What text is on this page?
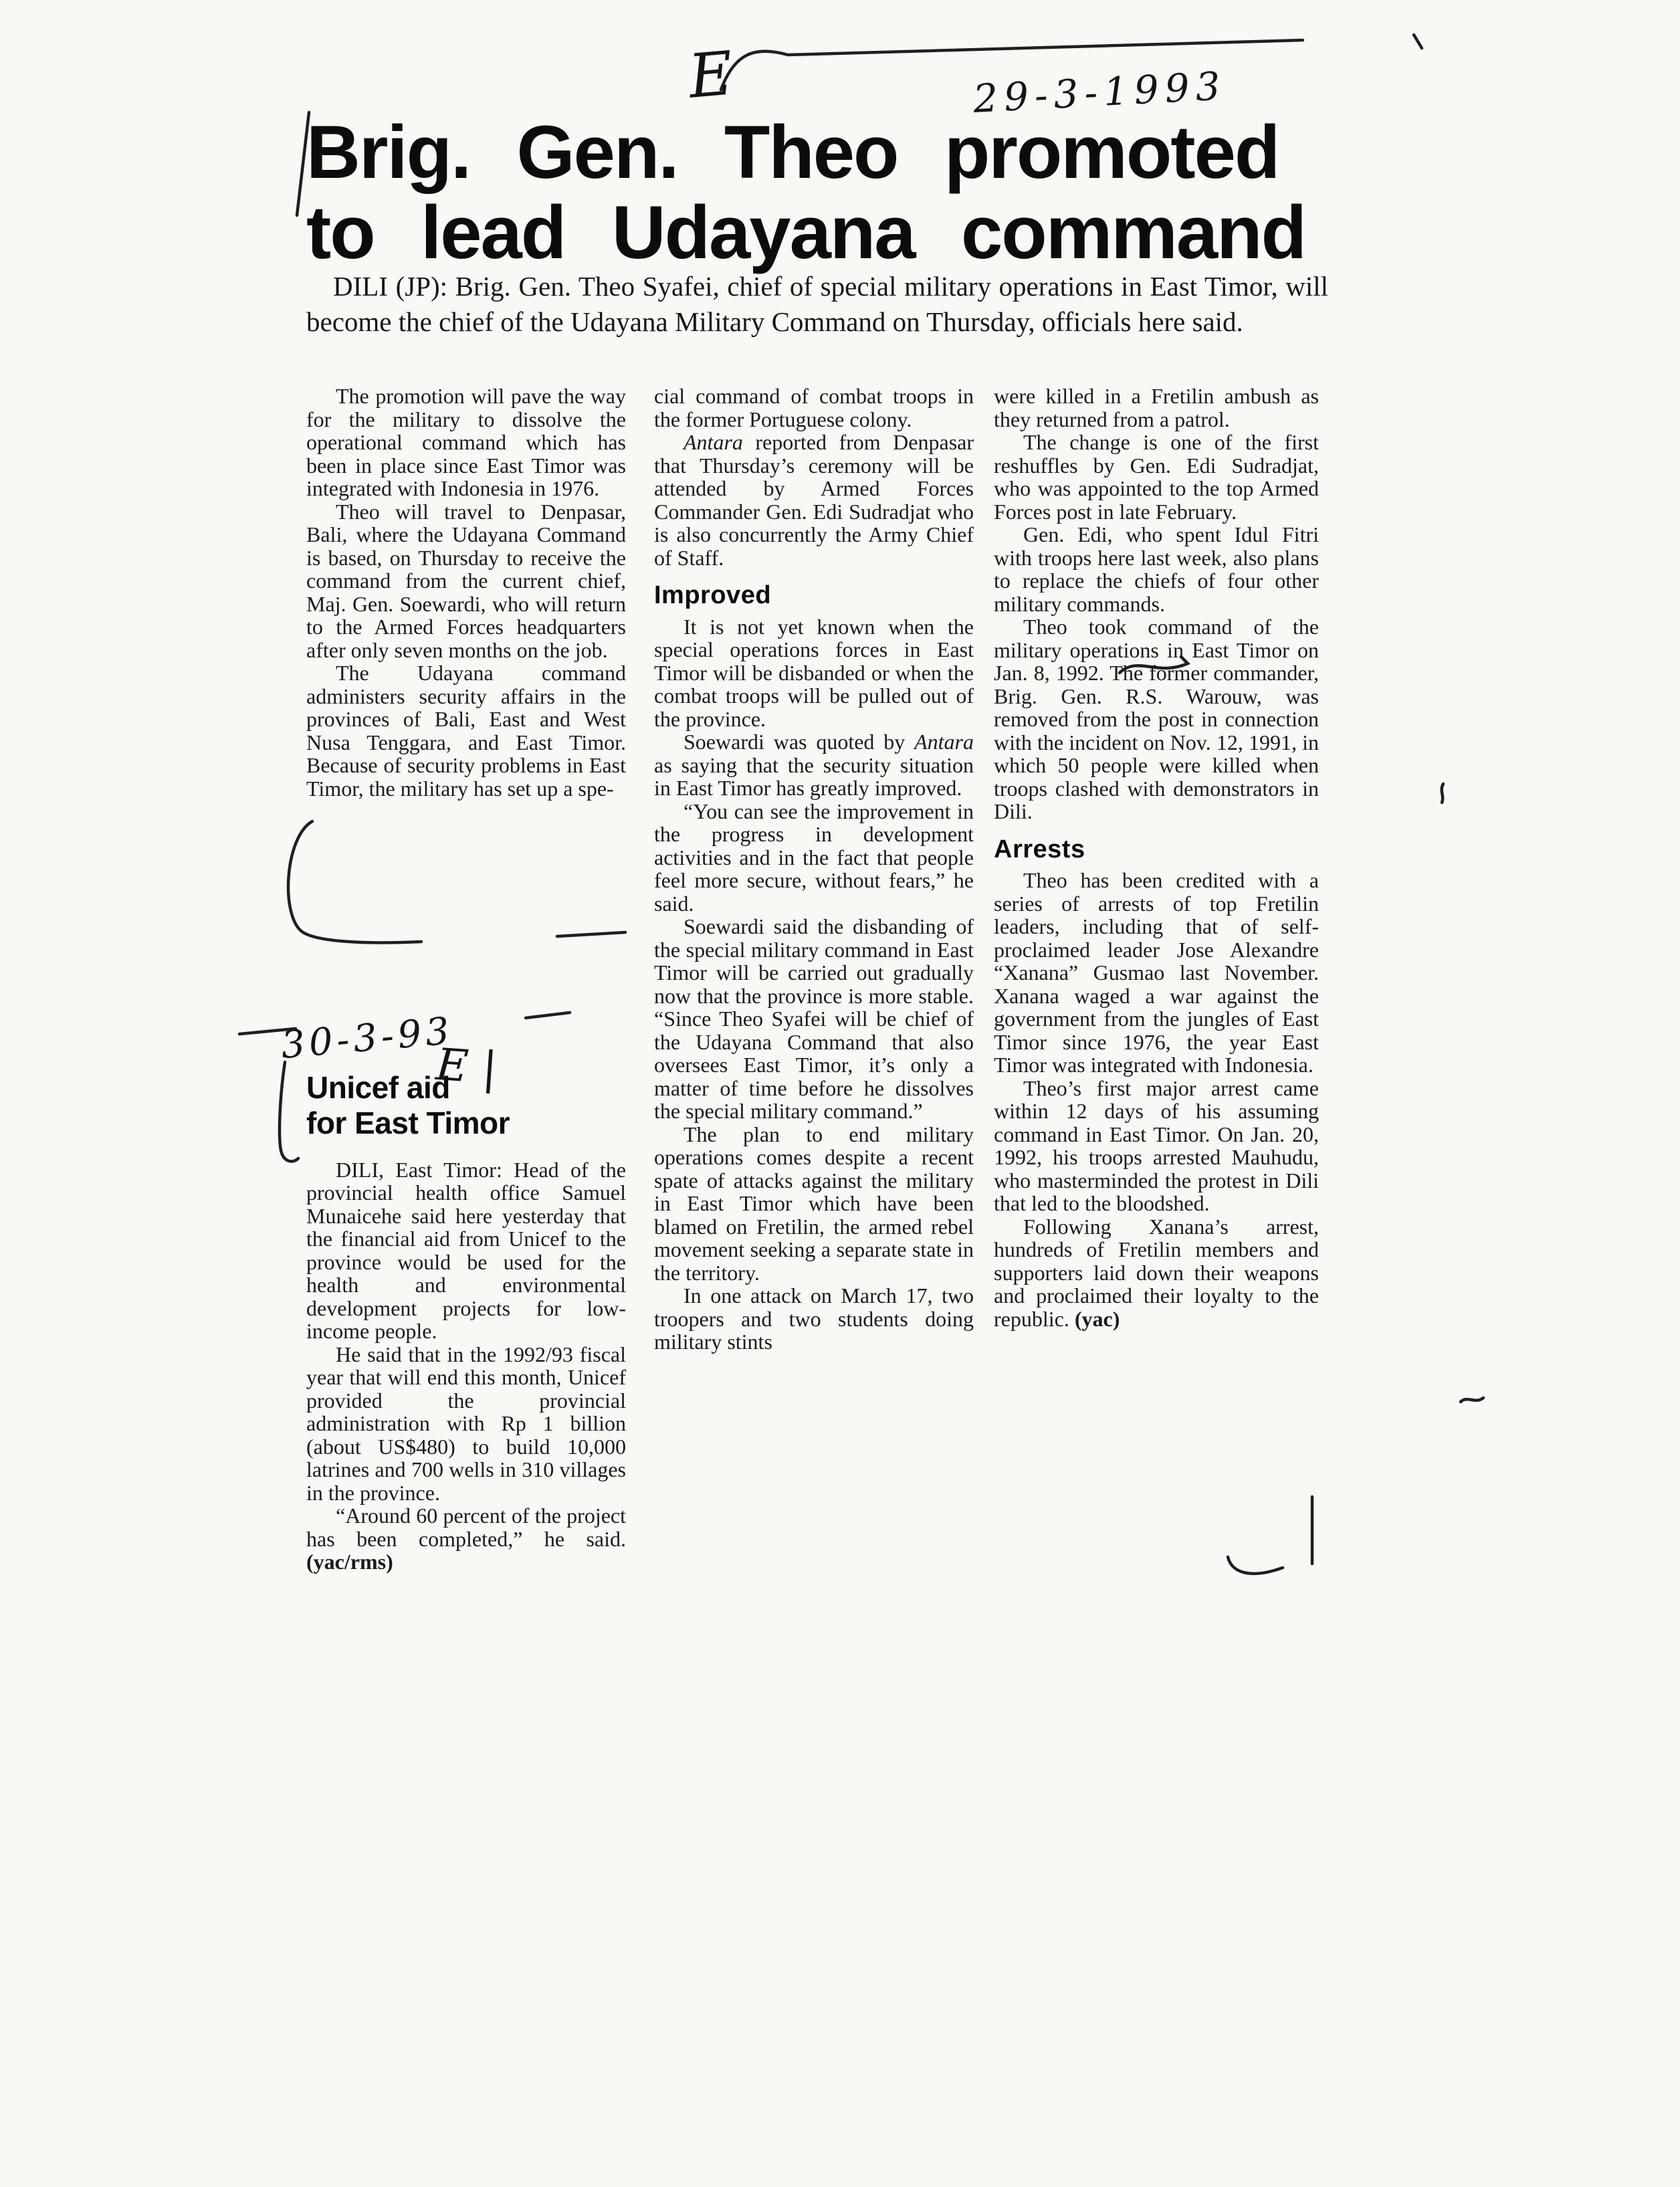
E	29-3-1993
Brig. Gen. Theo promoted
to lead Udayana command

DILI (JP): Brig. Gen. Theo Syafei, chief of special military operations in East Timor, will become the chief of the Udayana Military Command on Thursday, officials here said.

The promotion will pave the way for the military to dissolve the operational command which has been in place since East Timor was integrated with Indonesia in 1976.

Theo will travel to Denpasar, Bali, where the Udayana Command is based, on Thursday to receive the command from the current chief, Maj. Gen. Soewardi, who will return to the Armed Forces headquarters after only seven months on the job.

The Udayana command administers security affairs in the provinces of Bali, East and West Nusa Tenggara, and East Timor. Because of security problems in East Timor, the military has set up a spe-

cial command of combat troops in the former Portuguese colony.

Antara reported from Denpasar that Thursday’s ceremony will be attended by Armed Forces Commander Gen. Edi Sudradjat who is also concurrently the Army Chief of Staff.

Improved

It is not yet known when the special operations forces in East Timor will be disbanded or when the combat troops will be pulled out of the province.

Soewardi was quoted by Antara as saying that the security situation in East Timor has greatly improved.

“You can see the improvement in the progress in development activities and in the fact that people feel more secure, without fears,” he said.

Soewardi said the disbanding of the special military command in East Timor will be carried out gradually now that the province is more stable. “Since Theo Syafei will be chief of the Udayana Command that also oversees East Timor, it’s only a matter of time before he dissolves the special military command.”

The plan to end military operations comes despite a recent spate of attacks against the military in East Timor which have been blamed on Fretilin, the armed rebel movement seeking a separate state in the territory.

In one attack on March 17, two troopers and two students doing military stints

were killed in a Fretilin ambush as they returned from a patrol.

The change is one of the first reshuffles by Gen. Edi Sudradjat, who was appointed to the top Armed Forces post in late February.

Gen. Edi, who spent Idul Fitri with troops here last week, also plans to replace the chiefs of four other military commands.

Theo took command of the military operations in East Timor on Jan. 8, 1992. The former commander, Brig. Gen. R.S. Warouw, was removed from the post in connection with the incident on Nov. 12, 1991, in which 50 people were killed when troops clashed with demonstrators in Dili.

Arrests

Theo has been credited with a series of arrests of top Fretilin leaders, including that of self-proclaimed leader Jose Alexandre “Xanana” Gusmao last November. Xanana waged a war against the government from the jungles of East Timor since 1976, the year East Timor was integrated with Indonesia.

Theo’s first major arrest came within 12 days of his assuming command in East Timor. On Jan. 20, 1992, his troops arrested Mauhudu, who masterminded the protest in Dili that led to the bloodshed.

Following Xanana’s arrest, hundreds of Fretilin members and supporters laid down their weapons and proclaimed their loyalty to the republic. (yac)

30-3-93
E |
Unicef aid
for East Timor

DILI, East Timor: Head of the provincial health office Samuel Munaicehe said here yesterday that the financial aid from Unicef to the province would be used for the health and environmental development projects for low-income people.

He said that in the 1992/93 fiscal year that will end this month, Unicef provided the provincial administration with Rp 1 billion (about US$480) to build 10,000 latrines and 700 wells in 310 villages in the province.

“Around 60 percent of the project has been completed,” he said. (yac/rms)
